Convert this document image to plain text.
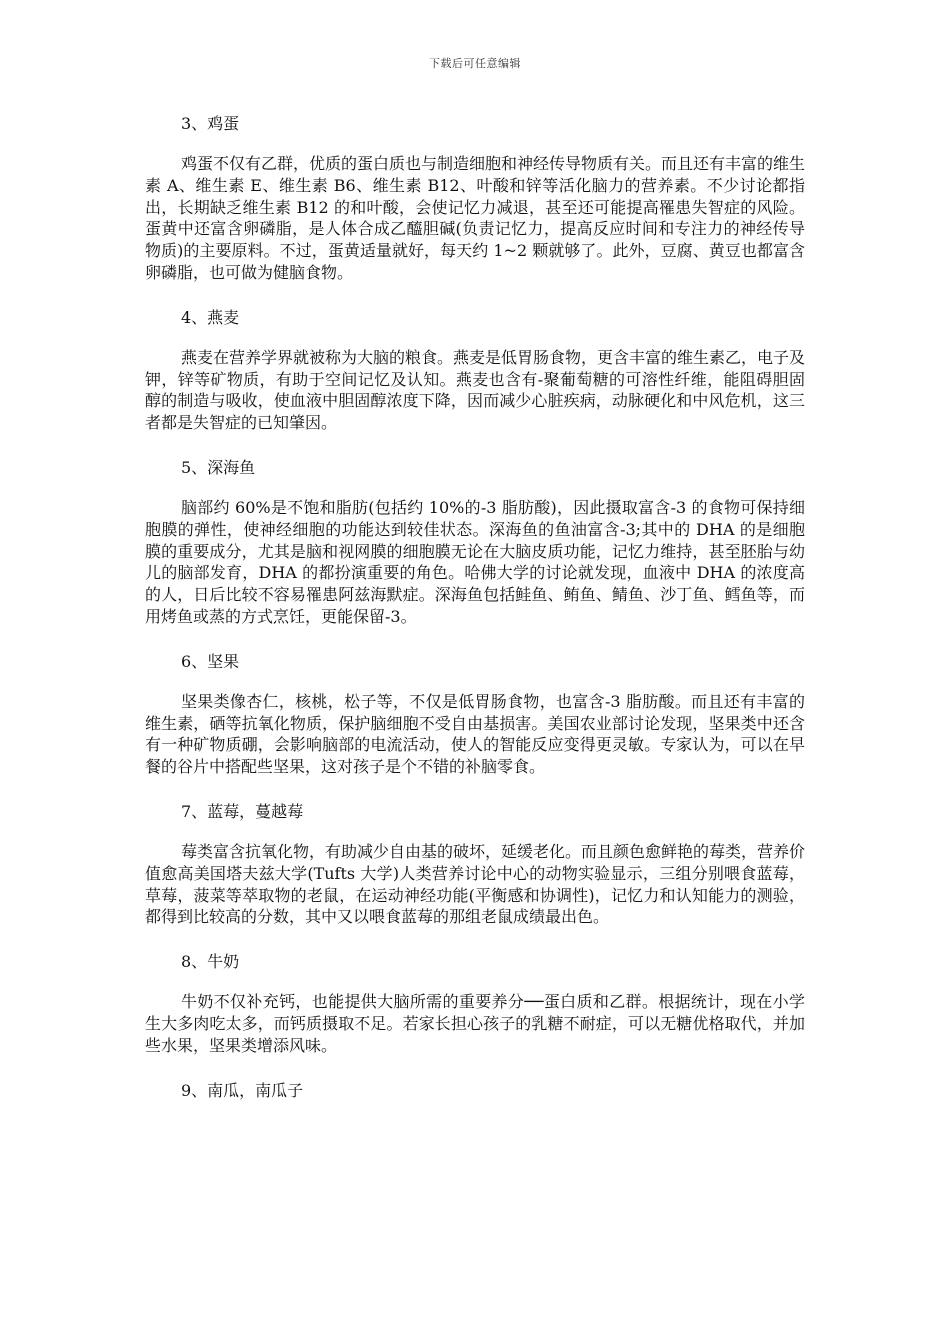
下载后可任意编辑
3、鸡蛋

鸡蛋不仅有乙群，优质的蛋白质也与制造细胞和神经传导物质有关。而且还有丰富的维生素 A、维生素 E、维生素 B6、维生素 B12、叶酸和锌等活化脑力的营养素。不少讨论都指出，长期缺乏维生素 B12 的和叶酸，会使记忆力减退，甚至还可能提高罹患失智症的风险。蛋黄中还富含卵磷脂，是人体合成乙醯胆碱(负责记忆力，提高反应时间和专注力的神经传导物质)的主要原料。不过，蛋黄适量就好，每天约 1~2 颗就够了。此外，豆腐、黄豆也都富含卵磷脂，也可做为健脑食物。

4、燕麦

燕麦在营养学界就被称为大脑的粮食。燕麦是低胃肠食物，更含丰富的维生素乙，电子及钾，锌等矿物质，有助于空间记忆及认知。燕麦也含有-聚葡萄糖的可溶性纤维，能阻碍胆固醇的制造与吸收，使血液中胆固醇浓度下降，因而减少心脏疾病，动脉硬化和中风危机，这三者都是失智症的已知肇因。

5、深海鱼

脑部约 60%是不饱和脂肪(包括约 10%的-3 脂肪酸)，因此摄取富含-3 的食物可保持细胞膜的弹性，使神经细胞的功能达到较佳状态。深海鱼的鱼油富含-3;其中的 DHA 的是细胞膜的重要成分，尤其是脑和视网膜的细胞膜无论在大脑皮质功能，记忆力维持，甚至胚胎与幼儿的脑部发育，DHA 的都扮演重要的角色。哈佛大学的讨论就发现，血液中 DHA 的浓度高的人，日后比较不容易罹患阿兹海默症。深海鱼包括鲑鱼、鲔鱼、鲭鱼、沙丁鱼、鳕鱼等，而用烤鱼或蒸的方式烹饪，更能保留-3。

6、坚果

坚果类像杏仁，核桃，松子等，不仅是低胃肠食物，也富含-3 脂肪酸。而且还有丰富的维生素，硒等抗氧化物质，保护脑细胞不受自由基损害。美国农业部讨论发现，坚果类中还含有一种矿物质硼，会影响脑部的电流活动，使人的智能反应变得更灵敏。专家认为，可以在早餐的谷片中搭配些坚果，这对孩子是个不错的补脑零食。

7、蓝莓，蔓越莓

莓类富含抗氧化物，有助减少自由基的破坏，延缓老化。而且颜色愈鲜艳的莓类，营养价值愈高美国塔夫兹大学(Tufts 大学)人类营养讨论中心的动物实验显示，三组分别喂食蓝莓，草莓，菠菜等萃取物的老鼠，在运动神经功能(平衡感和协调性)，记忆力和认知能力的测验，都得到比较高的分数，其中又以喂食蓝莓的那组老鼠成绩最出色。

8、牛奶

牛奶不仅补充钙，也能提供大脑所需的重要养分──蛋白质和乙群。根据统计，现在小学生大多肉吃太多，而钙质摄取不足。若家长担心孩子的乳糖不耐症，可以无糖优格取代，并加些水果，坚果类增添风味。

9、南瓜，南瓜子
